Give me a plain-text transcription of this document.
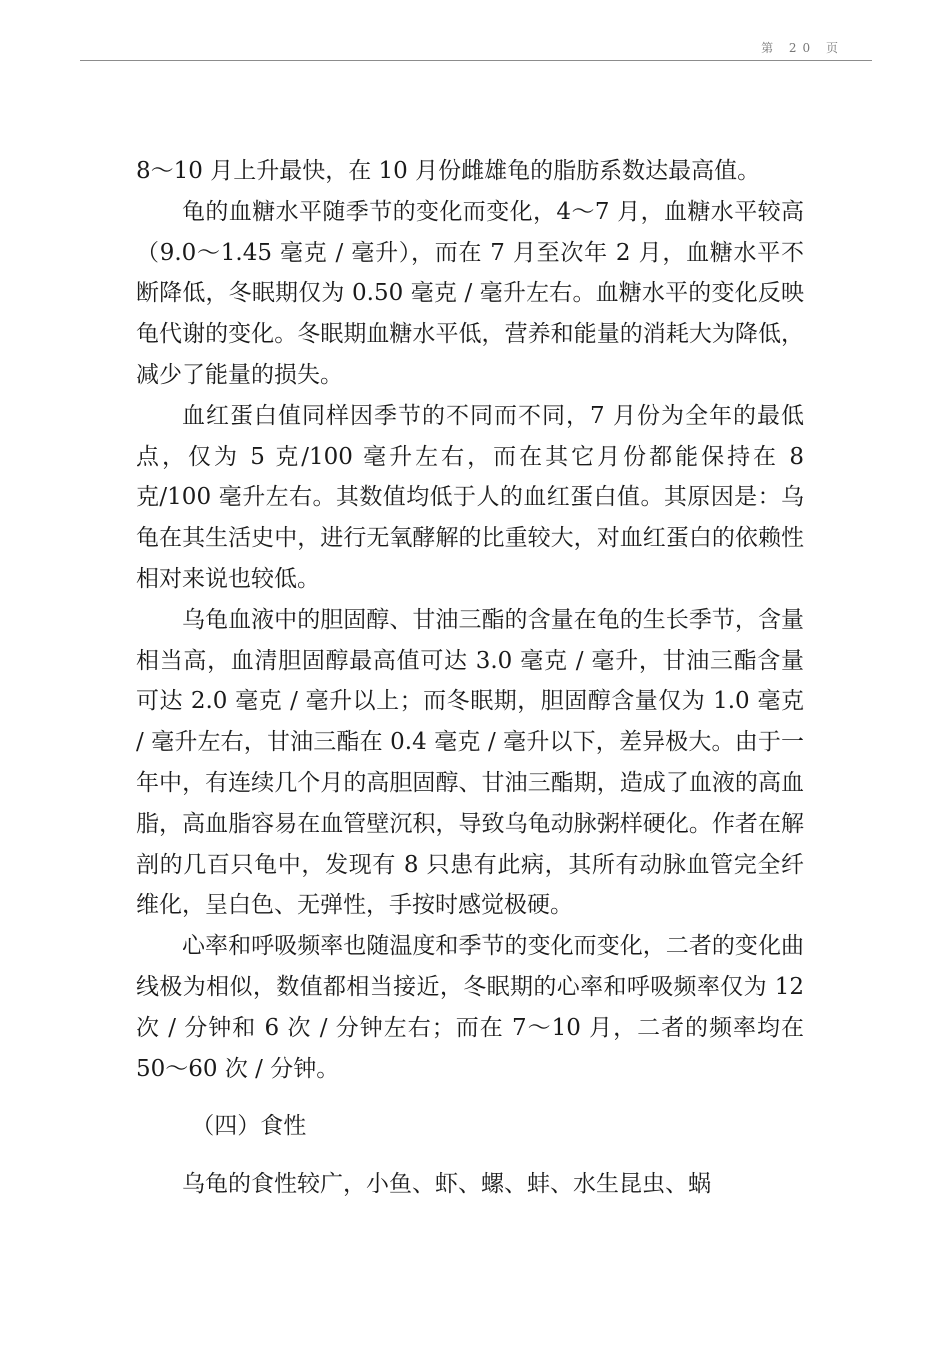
第 20 页

8～10 月上升最快，在 10 月份雌雄龟的脂肪系数达最高值。

龟的血糖水平随季节的变化而变化，4～7 月，血糖水平较高（9.0～1.45 毫克 / 毫升），而在 7 月至次年 2 月，血糖水平不断降低，冬眠期仅为 0.50 毫克 / 毫升左右。血糖水平的变化反映龟代谢的变化。冬眠期血糖水平低，营养和能量的消耗大为降低，减少了能量的损失。

血红蛋白值同样因季节的不同而不同，7 月份为全年的最低点，仅为 5 克/100 毫升左右，而在其它月份都能保持在 8 克/100 毫升左右。其数值均低于人的血红蛋白值。其原因是：乌龟在其生活史中，进行无氧酵解的比重较大，对血红蛋白的依赖性相对来说也较低。

乌龟血液中的胆固醇、甘油三酯的含量在龟的生长季节，含量相当高，血清胆固醇最高值可达 3.0 毫克 / 毫升，甘油三酯含量可达 2.0 毫克 / 毫升以上；而冬眠期，胆固醇含量仅为 1.0 毫克 / 毫升左右，甘油三酯在 0.4 毫克 / 毫升以下，差异极大。由于一年中，有连续几个月的高胆固醇、甘油三酯期，造成了血液的高血脂，高血脂容易在血管壁沉积，导致乌龟动脉粥样硬化。作者在解剖的几百只龟中，发现有 8 只患有此病，其所有动脉血管完全纤维化，呈白色、无弹性，手按时感觉极硬。

心率和呼吸频率也随温度和季节的变化而变化，二者的变化曲线极为相似，数值都相当接近，冬眠期的心率和呼吸频率仅为 12 次 / 分钟和 6 次 / 分钟左右；而在 7～10 月，二者的频率均在 50～60 次 / 分钟。

（四）食性

乌龟的食性较广，小鱼、虾、螺、蚌、水生昆虫、蜗
